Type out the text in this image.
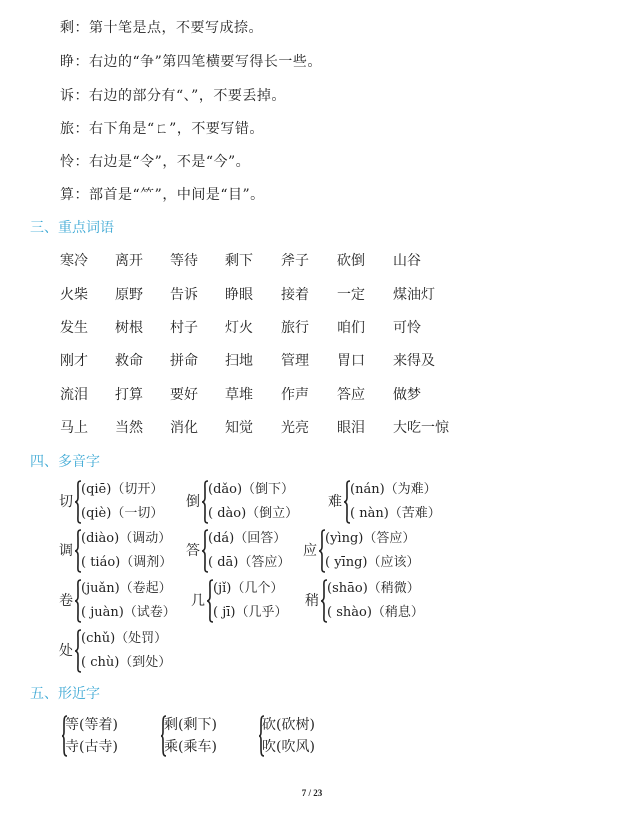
剩：第十笔是点，不要写成捺。
睁：右边的“争”第四笔横要写得长一些。
诉：右边的部分有“、”，不要丢掉。
旅：右下角是“ㄈ”，不要写错。
怜：右边是“令”，不是“今”。
算：部首是“⺮”，中间是“目”。
三、重点词语
寒冷 离开 等待 剩下 斧子 砍倒 山谷
火柴 原野 告诉 睁眼 接着 一定 煤油灯
发生 树根 村子 灯火 旅行 咱们 可怜
刚才 救命 拼命 扫地 管理 胃口 来得及
流泪 打算 要好 草堆 作声 答应 做梦
马上 当然 消化 知觉 光亮 眼泪 大吃一惊
四、多音字
切
(qiē)（切开）
(qiè)（一切）
倒
(dǎo)（倒下）
( dào)（倒立）
难
(nán)（为难）
( nàn)（苦难）
调
(diào)（调动）
( tiáo)（调剂）
答
(dá)（回答）
( dā)（答应）
应
(yìng)（答应）
( yīng)（应该）
卷
(juǎn)（卷起）
( juàn)（试卷）
几
(jǐ)（几个）
( jī)（几乎）
稍
(shāo)（稍微）
( shào)（稍息）
处
(chǔ)（处罚）
( chù)（到处）
五、形近字
等(等着)
寺(古寺)
剩(剩下)
乘(乘车)
砍(砍树)
吹(吹风)
7 / 23
